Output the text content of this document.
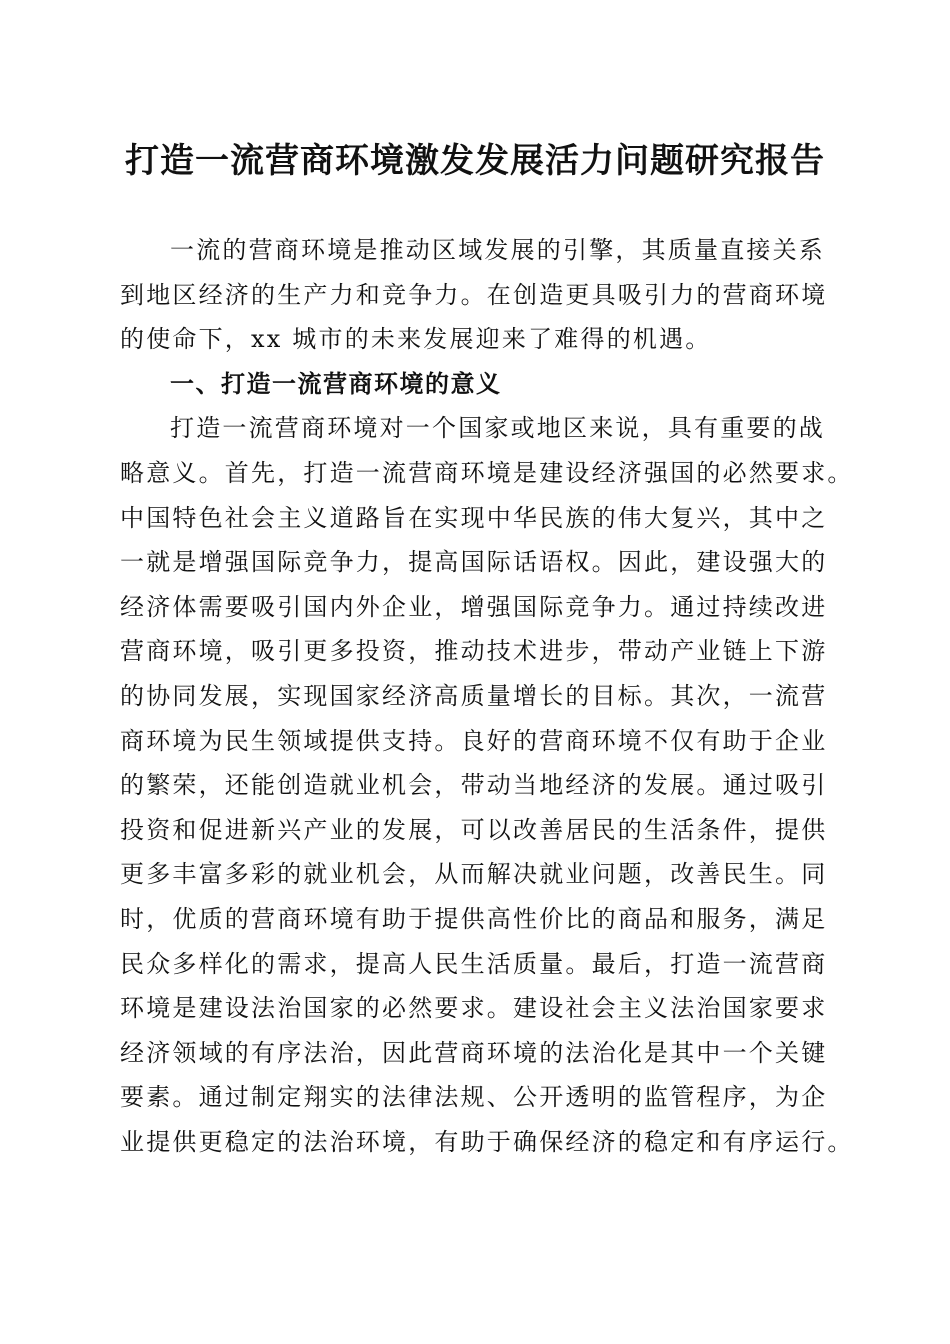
打造一流营商环境激发发展活力问题研究报告
一流的营商环境是推动区域发展的引擎，其质量直接关系
到地区经济的生产力和竞争力。在创造更具吸引力的营商环境
的使命下，xx 城市的未来发展迎来了难得的机遇。
一、打造一流营商环境的意义
打造一流营商环境对一个国家或地区来说，具有重要的战
略意义。首先，打造一流营商环境是建设经济强国的必然要求。
中国特色社会主义道路旨在实现中华民族的伟大复兴，其中之
一就是增强国际竞争力，提高国际话语权。因此，建设强大的
经济体需要吸引国内外企业，增强国际竞争力。通过持续改进
营商环境，吸引更多投资，推动技术进步，带动产业链上下游
的协同发展，实现国家经济高质量增长的目标。其次，一流营
商环境为民生领域提供支持。良好的营商环境不仅有助于企业
的繁荣，还能创造就业机会，带动当地经济的发展。通过吸引
投资和促进新兴产业的发展，可以改善居民的生活条件，提供
更多丰富多彩的就业机会，从而解决就业问题，改善民生。同
时，优质的营商环境有助于提供高性价比的商品和服务，满足
民众多样化的需求，提高人民生活质量。最后，打造一流营商
环境是建设法治国家的必然要求。建设社会主义法治国家要求
经济领域的有序法治，因此营商环境的法治化是其中一个关键
要素。通过制定翔实的法律法规、公开透明的监管程序，为企
业提供更稳定的法治环境，有助于确保经济的稳定和有序运行。
